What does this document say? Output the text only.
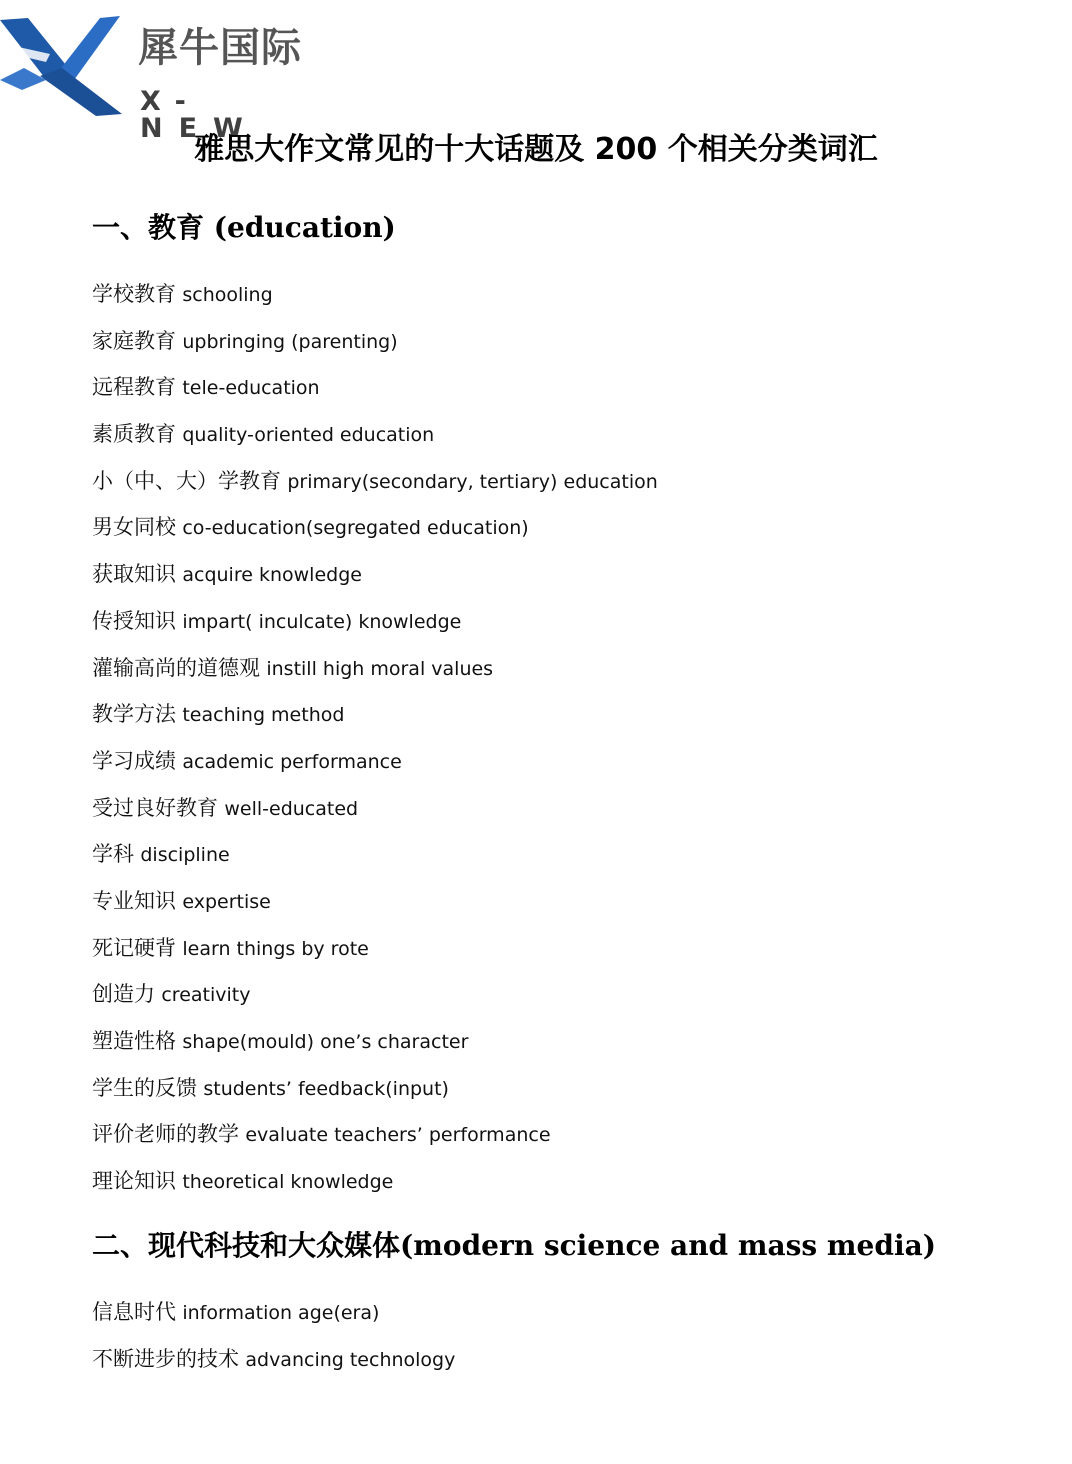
犀牛国际
X-NEW
雅思大作文常见的十大话题及 200 个相关分类词汇
一、教育 (education)
学校教育 schooling
家庭教育 upbringing (parenting)
远程教育 tele-education
素质教育 quality-oriented education
小（中、大）学教育 primary(secondary, tertiary) education
男女同校 co-education(segregated education)
获取知识 acquire knowledge
传授知识 impart( inculcate) knowledge
灌输高尚的道德观 instill high moral values
教学方法 teaching method
学习成绩 academic performance
受过良好教育 well-educated
学科 discipline
专业知识 expertise
死记硬背 learn things by rote
创造力 creativity
塑造性格 shape(mould) one’s character
学生的反馈 students’ feedback(input)
评价老师的教学 evaluate teachers’ performance
理论知识 theoretical knowledge
二、现代科技和大众媒体(modern science and mass media)
信息时代 information age(era)
不断进步的技术 advancing technology
